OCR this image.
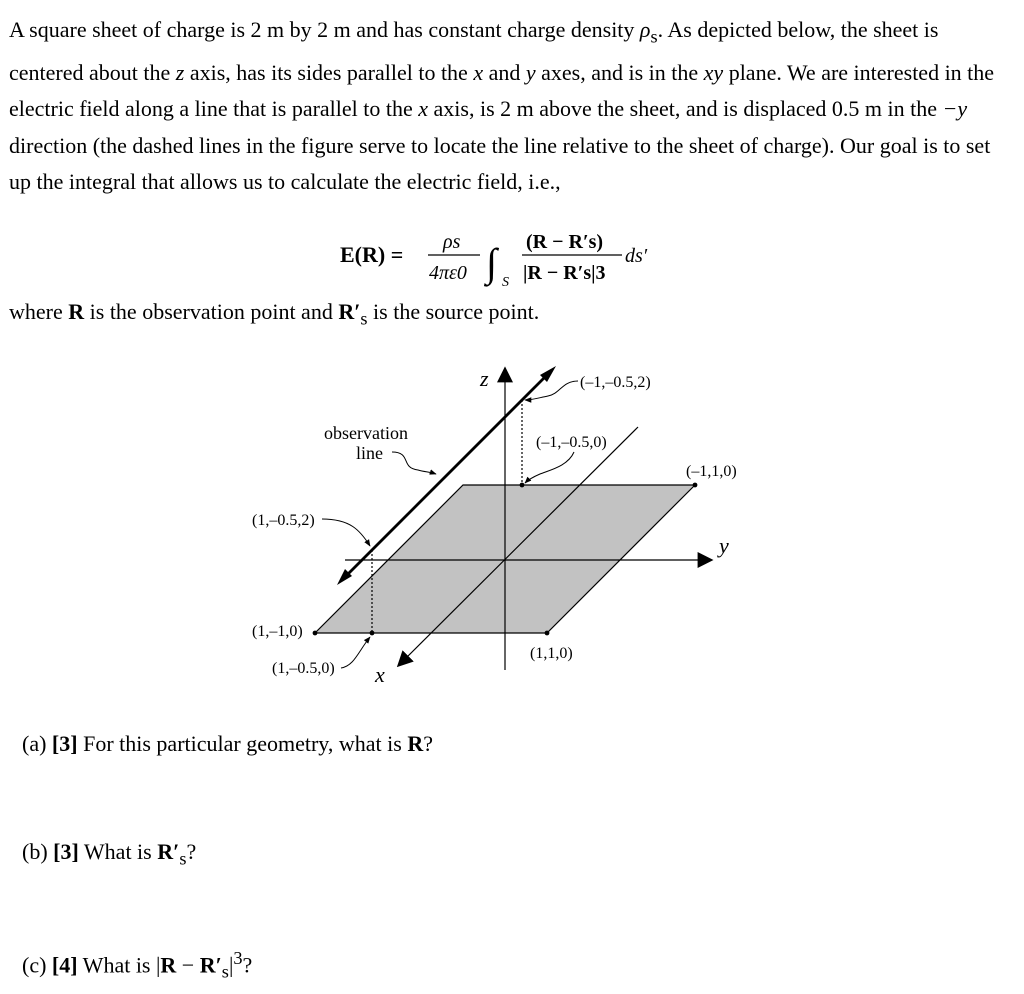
A square sheet of charge is 2 m by 2 m and has constant charge density $\rho_s$. As depicted below, the sheet is centered about the z axis, has its sides parallel to the x and y axes, and is in the xy plane. We are interested in the electric field along a line that is parallel to the x axis, is 2 m above the sheet, and is displaced 0.5 m in the −y direction (the dashed lines in the figure serve to locate the line relative to the sheet of charge). Our goal is to set up the integral that allows us to calculate the electric field, i.e.,

E(R) = ρs
4πε0 ∫ S
(R − R′s)
|R − R′s|3
ds′

where R is the observation point and $R'_s$ is the source point.

z
y
x
observation
line
(–1,–0.5,2)
(–1,–0.5,0)
(–1,1,0)
(1,–0.5,2)
(1,–1,0)
(1,–0.5,0)
(1,1,0)

(a) [3] For this particular geometry, what is R?

(b) [3] What is $R'_s$?

(c) [4] What is $|R - R'_s|^3$?
